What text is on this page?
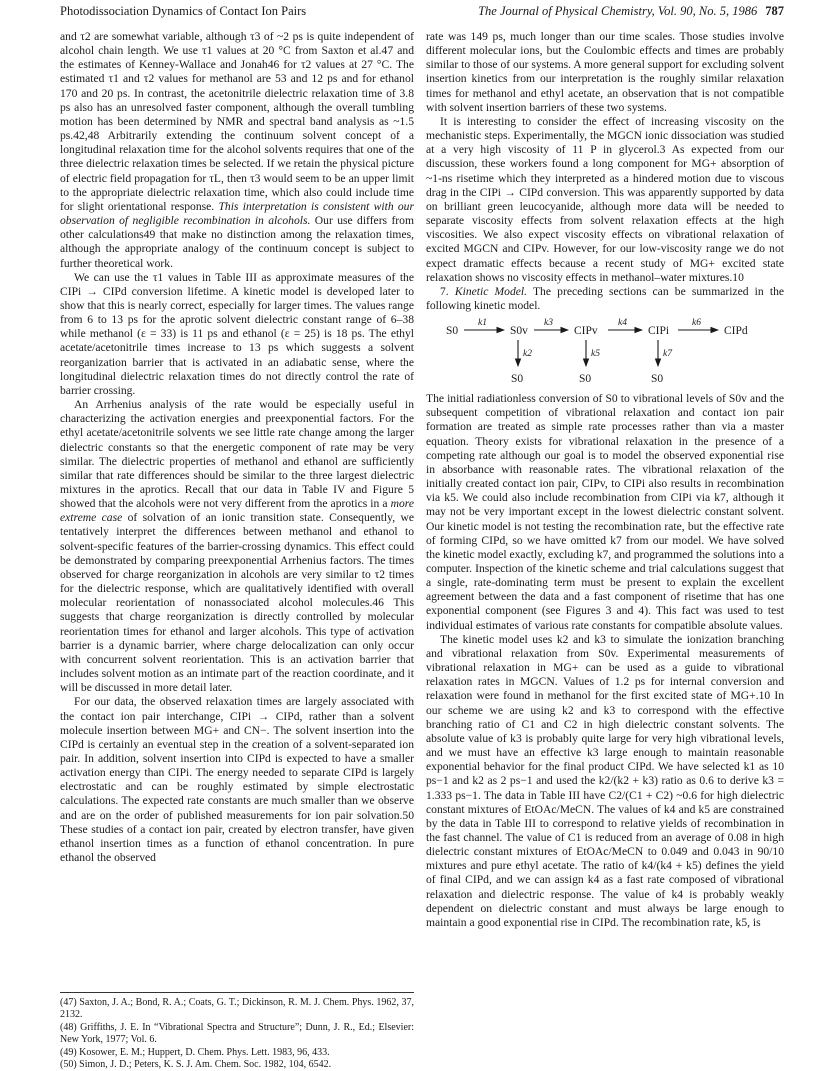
Photodissociation Dynamics of Contact Ion Pairs	The Journal of Physical Chemistry, Vol. 90, No. 5, 1986 787

and τ2 are somewhat variable, although τ3 of ~2 ps is quite independent of alcohol chain length. We use τ1 values at 20 °C from Saxton et al.47 and the estimates of Kenney-Wallace and Jonah46 for τ2 values at 27 °C. The estimated τ1 and τ2 values for methanol are 53 and 12 ps and for ethanol 170 and 20 ps. In contrast, the acetonitrile dielectric relaxation time of 3.8 ps also has an unresolved faster component, although the overall tumbling motion has been determined by NMR and spectral band analysis as ~1.5 ps.42,48 Arbitrarily extending the continuum solvent concept of a longitudinal relaxation time for the alcohol solvents requires that one of the three dielectric relaxation times be selected. If we retain the physical picture of electric field propagation for τL, then τ3 would seem to be an upper limit to the appropriate dielectric relaxation time, which also could include time for slight orientational response. This interpretation is consistent with our observation of negligible recombination in alcohols. Our use differs from other calculations49 that make no distinction among the relaxation times, although the appropriate analogy of the continuum concept is subject to further theoretical work.

We can use the τ1 values in Table III as approximate measures of the CIPi → CIPd conversion lifetime. A kinetic model is developed later to show that this is nearly correct, especially for larger times. The values range from 6 to 13 ps for the aprotic solvent dielectric constant range of 6–38 while methanol (ε = 33) is 11 ps and ethanol (ε = 25) is 18 ps. The ethyl acetate/acetonitrile times increase to 13 ps which suggests a solvent reorganization barrier that is activated in an adiabatic sense, where the longitudinal dielectric relaxation times do not directly control the rate of barrier crossing.

An Arrhenius analysis of the rate would be especially useful in characterizing the activation energies and preexponential factors. For the ethyl acetate/acetonitrile solvents we see little rate change among the larger dielectric constants so that the energetic component of rate may be very similar. The dielectric properties of methanol and ethanol are sufficiently similar that rate differences should be similar to the three largest dielectric mixtures in the aprotics. Recall that our data in Table IV and Figure 5 showed that the alcohols were not very different from the aprotics in a more extreme case of solvation of an ionic transition state. Consequently, we tentatively interpret the differences between methanol and ethanol to solvent-specific features of the barrier-crossing dynamics. This effect could be demonstrated by comparing preexponential Arrhenius factors. The times observed for charge reorganization in alcohols are very similar to τ2 times for the dielectric response, which are qualitatively identified with overall molecular reorientation of nonassociated alcohol molecules.46 This suggests that charge reorganization is directly controlled by molecular reorientation times for ethanol and larger alcohols. This type of activation barrier is a dynamic barrier, where charge delocalization can only occur with concurrent solvent reorientation. This is an activation barrier that includes solvent motion as an intimate part of the reaction coordinate, and it will be discussed in more detail later.

For our data, the observed relaxation times are largely associated with the contact ion pair interchange, CIPi → CIPd, rather than a solvent molecule insertion between MG+ and CN−. The solvent insertion into the CIPd is certainly an eventual step in the creation of a solvent-separated ion pair. In addition, solvent insertion into CIPd is expected to have a smaller activation energy than CIPi. The energy needed to separate CIPd is largely electrostatic and can be roughly estimated by simple electrostatic calculations. The expected rate constants are much smaller than we observe and are on the order of published measurements for ion pair solvation.50 These studies of a contact ion pair, created by electron transfer, have given ethanol insertion times as a function of ethanol concentration. In pure ethanol the observed

(47) Saxton, J. A.; Bond, R. A.; Coats, G. T.; Dickinson, R. M. J. Chem. Phys. 1962, 37, 2132.
(48) Griffiths, J. E. In “Vibrational Spectra and Structure”; Dunn, J. R., Ed.; Elsevier: New York, 1977; Vol. 6.
(49) Kosower, E. M.; Huppert, D. Chem. Phys. Lett. 1983, 96, 433.
(50) Simon, J. D.; Peters, K. S. J. Am. Chem. Soc. 1982, 104, 6542.

rate was 149 ps, much longer than our time scales. Those studies involve different molecular ions, but the Coulombic effects and times are probably similar to those of our systems. A more general support for excluding solvent insertion kinetics from our interpretation is the roughly similar relaxation times for methanol and ethyl acetate, an observation that is not compatible with solvent insertion barriers of these two systems.

It is interesting to consider the effect of increasing viscosity on the mechanistic steps. Experimentally, the MGCN ionic dissociation was studied at a very high viscosity of 11 P in glycerol.3 As expected from our discussion, these workers found a long component for MG+ absorption of ~1-ns risetime which they interpreted as a hindered motion due to viscous drag in the CIPi → CIPd conversion. This was apparently supported by data on brilliant green leucocyanide, although more data will be needed to separate viscosity effects from solvent relaxation effects at the high viscosities. We also expect viscosity effects on vibrational relaxation of excited MGCN and CIPv. However, for our low-viscosity range we do not expect dramatic effects because a recent study of MG+ excited state relaxation shows no viscosity effects in methanol–water mixtures.10

7. Kinetic Model. The preceding sections can be summarized in the following kinetic model.

S0	S0v	CIPv	CIPi	CIPd
k1	k3	k4	k6
k2	k5	k7
S0	S0	S0

The initial radiationless conversion of S0 to vibrational levels of S0v and the subsequent competition of vibrational relaxation and contact ion pair formation are treated as simple rate processes rather than via a master equation. Theory exists for vibrational relaxation in the presence of a competing rate although our goal is to model the observed exponential rise in absorbance with reasonable rates. The vibrational relaxation of the initially created contact ion pair, CIPv, to CIPi also results in recombination via k5. We could also include recombination from CIPi via k7, although it may not be very important except in the lowest dielectric constant solvent. Our kinetic model is not testing the recombination rate, but the effective rate of forming CIPd, so we have omitted k7 from our model. We have solved the kinetic model exactly, excluding k7, and programmed the solutions into a computer. Inspection of the kinetic scheme and trial calculations suggest that a single, rate-dominating term must be present to explain the excellent agreement between the data and a fast component of risetime that has one exponential component (see Figures 3 and 4). This fact was used to test individual estimates of various rate constants for compatible absolute values.

The kinetic model uses k2 and k3 to simulate the ionization branching and vibrational relaxation from S0v. Experimental measurements of vibrational relaxation in MG+ can be used as a guide to vibrational relaxation rates in MGCN. Values of 1.2 ps for internal conversion and relaxation were found in methanol for the first excited state of MG+.10 In our scheme we are using k2 and k3 to correspond with the effective branching ratio of C1 and C2 in high dielectric constant solvents. The absolute value of k3 is probably quite large for very high vibrational levels, and we must have an effective k3 large enough to maintain reasonable exponential behavior for the final product CIPd. We have selected k1 as 10 ps−1 and k2 as 2 ps−1 and used the k2/(k2 + k3) ratio as 0.6 to derive k3 = 1.333 ps−1. The data in Table III have C2/(C1 + C2) ~0.6 for high dielectric constant mixtures of EtOAc/MeCN. The values of k4 and k5 are constrained by the data in Table III to correspond to relative yields of recombination in the fast channel. The value of C1 is reduced from an average of 0.08 in high dielectric constant mixtures of EtOAc/MeCN to 0.049 and 0.043 in 90/10 mixtures and pure ethyl acetate. The ratio of k4/(k4 + k5) defines the yield of final CIPd, and we can assign k4 as a fast rate composed of vibrational relaxation and dielectric response. The value of k4 is probably weakly dependent on dielectric constant and must always be large enough to maintain a good exponential rise in CIPd. The recombination rate, k5, is
